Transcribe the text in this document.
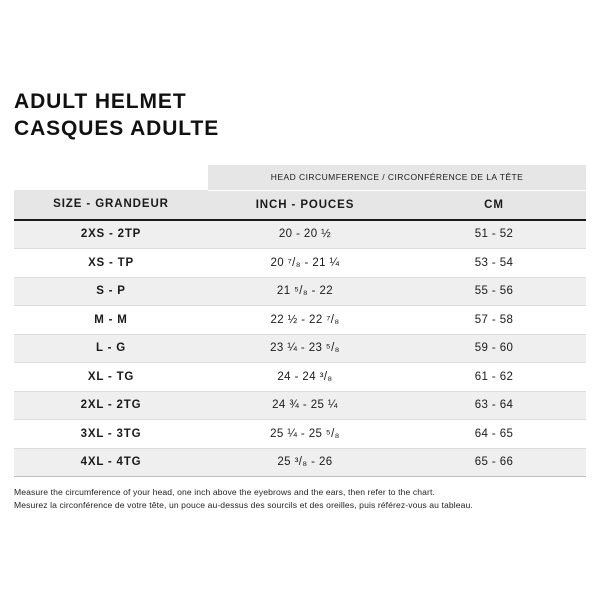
ADULT HELMET
CASQUES ADULTE
	HEAD CIRCUMFERENCE / CIRCONFÉRENCE DE LA TÊTE	
SIZE - GRANDEUR	INCH - POUCES	CM
2XS - 2TP	20 - 20 ½	51 - 52
XS - TP	20 ⁷/₈ - 21 ¼	53 - 54
S - P	21 ⁵/₈ - 22	55 - 56
M - M	22 ½ - 22 ⁷/₈	57 - 58
L - G	23 ¼ - 23 ⁵/₈	59 - 60
XL - TG	24 - 24 ³/₈	61 - 62
2XL - 2TG	24 ¾ - 25 ¼	63 - 64
3XL - 3TG	25 ¼ - 25 ⁵/₈	64 - 65
4XL - 4TG	25 ³/₈ - 26	65 - 66
Measure the circumference of your head, one inch above the eyebrows and the ears, then refer to the chart.
Mesurez la circonférence de votre tête, un pouce au-dessus des sourcils et des oreilles, puis référez-vous au tableau.
